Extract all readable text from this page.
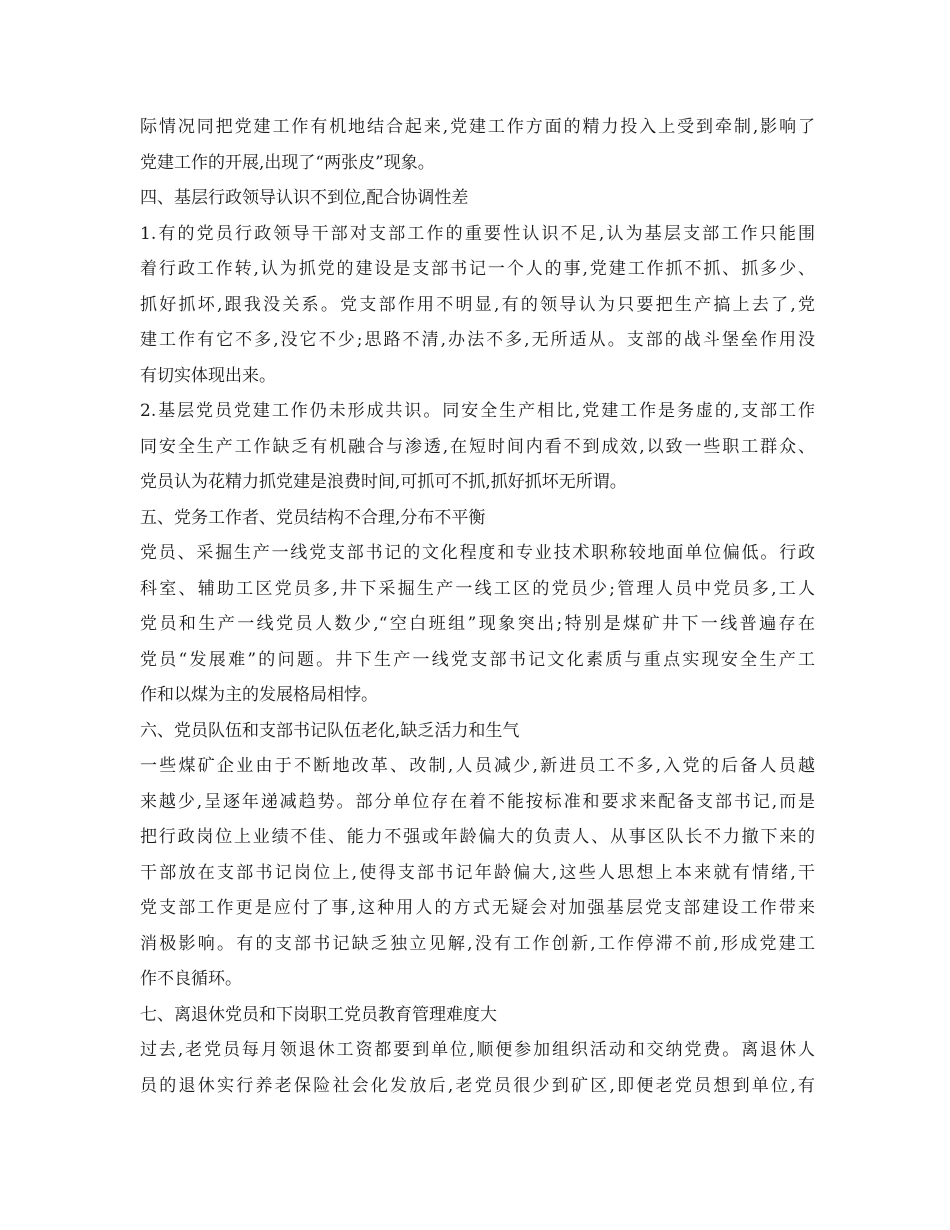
际情况同把党建工作有机地结合起来,党建工作方面的精力投入上受到牵制,影响了
党建工作的开展,出现了“两张皮”现象。
四、基层行政领导认识不到位,配合协调性差
1.有的党员行政领导干部对支部工作的重要性认识不足,认为基层支部工作只能围
着行政工作转,认为抓党的建设是支部书记一个人的事,党建工作抓不抓、抓多少、
抓好抓坏,跟我没关系。党支部作用不明显,有的领导认为只要把生产搞上去了,党
建工作有它不多,没它不少;思路不清,办法不多,无所适从。支部的战斗堡垒作用没
有切实体现出来。
2.基层党员党建工作仍未形成共识。同安全生产相比,党建工作是务虚的,支部工作
同安全生产工作缺乏有机融合与渗透,在短时间内看不到成效,以致一些职工群众、
党员认为花精力抓党建是浪费时间,可抓可不抓,抓好抓坏无所谓。
五、党务工作者、党员结构不合理,分布不平衡
党员、采掘生产一线党支部书记的文化程度和专业技术职称较地面单位偏低。行政
科室、辅助工区党员多,井下采掘生产一线工区的党员少;管理人员中党员多,工人
党员和生产一线党员人数少,“空白班组”现象突出;特别是煤矿井下一线普遍存在
党员“发展难”的问题。井下生产一线党支部书记文化素质与重点实现安全生产工
作和以煤为主的发展格局相悖。
六、党员队伍和支部书记队伍老化,缺乏活力和生气
一些煤矿企业由于不断地改革、改制,人员减少,新进员工不多,入党的后备人员越
来越少,呈逐年递减趋势。部分单位存在着不能按标准和要求来配备支部书记,而是
把行政岗位上业绩不佳、能力不强或年龄偏大的负责人、从事区队长不力撤下来的
干部放在支部书记岗位上,使得支部书记年龄偏大,这些人思想上本来就有情绪,干
党支部工作更是应付了事,这种用人的方式无疑会对加强基层党支部建设工作带来
消极影响。有的支部书记缺乏独立见解,没有工作创新,工作停滞不前,形成党建工
作不良循环。
七、离退休党员和下岗职工党员教育管理难度大
过去,老党员每月领退休工资都要到单位,顺便参加组织活动和交纳党费。离退休人
员的退休实行养老保险社会化发放后,老党员很少到矿区,即便老党员想到单位,有
